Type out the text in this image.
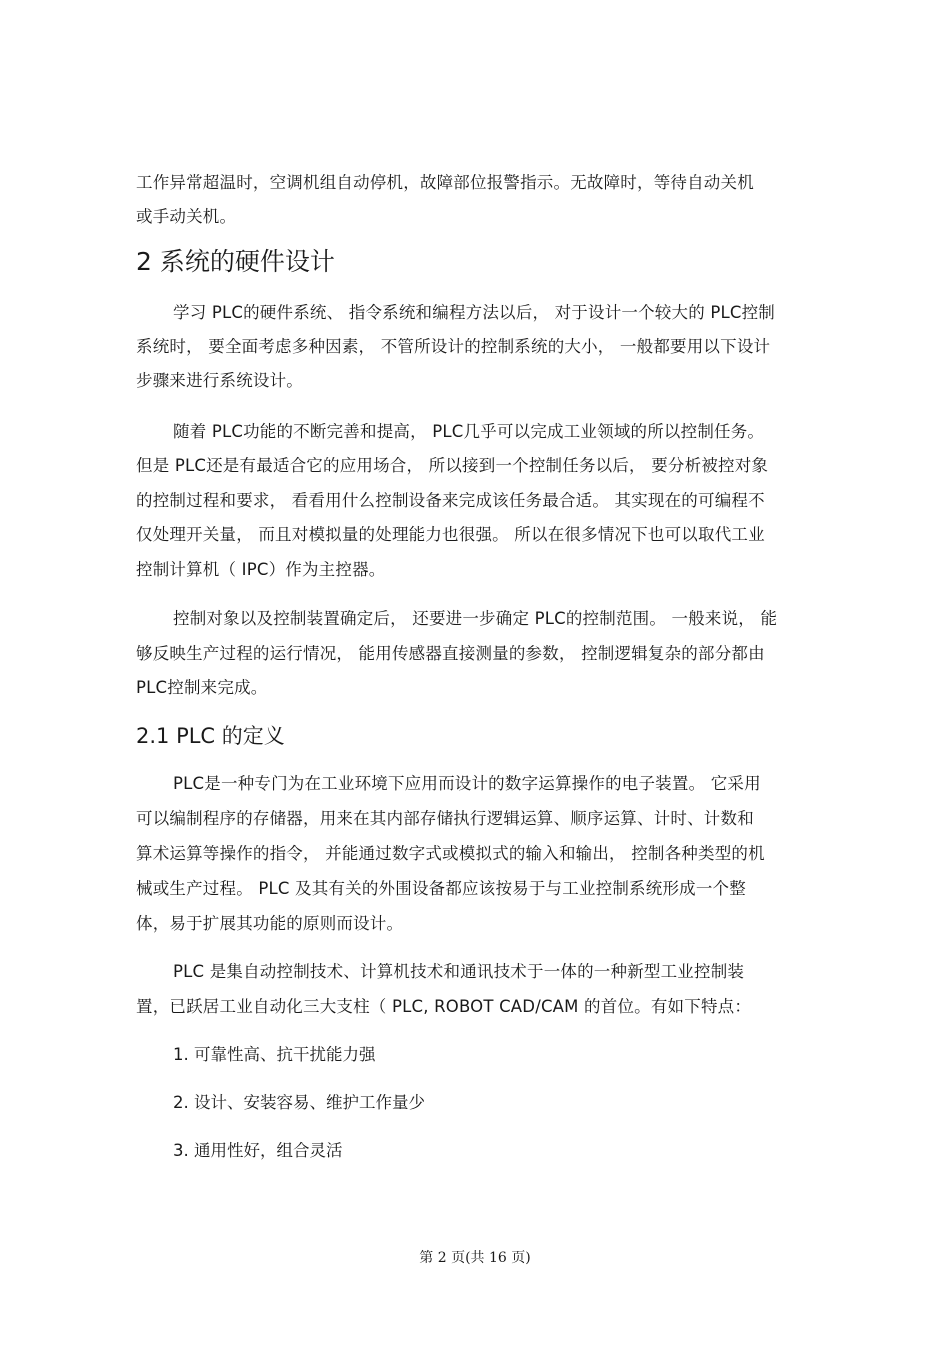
工作异常超温时，空调机组自动停机，故障部位报警指示。无故障时，等待自动关机
或手动关机。
2 系统的硬件设计
学习 PLC的硬件系统、 指令系统和编程方法以后， 对于设计一个较大的 PLC控制
系统时， 要全面考虑多种因素， 不管所设计的控制系统的大小， 一般都要用以下设计
步骤来进行系统设计。
随着 PLC功能的不断完善和提高， PLC几乎可以完成工业领域的所以控制任务。
但是 PLC还是有最适合它的应用场合， 所以接到一个控制任务以后， 要分析被控对象
的控制过程和要求， 看看用什么控制设备来完成该任务最合适。 其实现在的可编程不
仅处理开关量， 而且对模拟量的处理能力也很强。 所以在很多情况下也可以取代工业
控制计算机（ IPC）作为主控器。
控制对象以及控制装置确定后， 还要进一步确定 PLC的控制范围。 一般来说， 能
够反映生产过程的运行情况， 能用传感器直接测量的参数， 控制逻辑复杂的部分都由
PLC控制来完成。
2.1 PLC 的定义
PLC是一种专门为在工业环境下应用而设计的数字运算操作的电子装置。 它采用
可以编制程序的存储器，用来在其内部存储执行逻辑运算、顺序运算、计时、计数和
算术运算等操作的指令， 并能通过数字式或模拟式的输入和输出， 控制各种类型的机
械或生产过程。 PLC 及其有关的外围设备都应该按易于与工业控制系统形成一个整
体，易于扩展其功能的原则而设计。
PLC 是集自动控制技术、计算机技术和通讯技术于一体的一种新型工业控制装
置，已跃居工业自动化三大支柱（ PLC, ROBOT CAD/CAM 的首位。有如下特点：
1. 可靠性高、抗干扰能力强
2. 设计、安装容易、维护工作量少
3. 通用性好，组合灵活
第 2 页(共 16 页)
